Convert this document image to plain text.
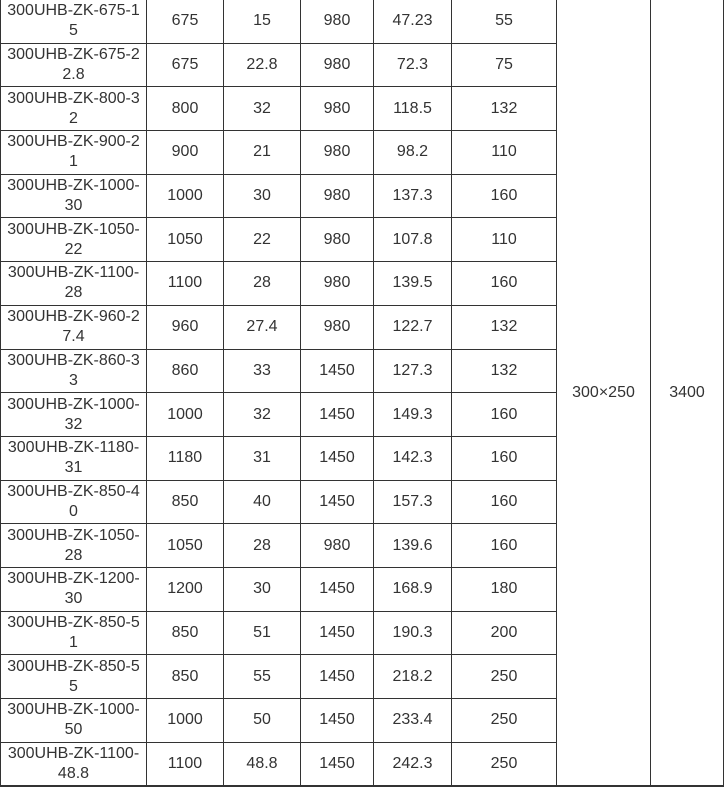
300UHB-ZK-675-15	675	15	980	47.23	55	300×250	3400
300UHB-ZK-675-22.8	675	22.8	980	72.3	75		
300UHB-ZK-800-32	800	32	980	118.5	132		
300UHB-ZK-900-21	900	21	980	98.2	110		
300UHB-ZK-1000-30	1000	30	980	137.3	160		
300UHB-ZK-1050-22	1050	22	980	107.8	110		
300UHB-ZK-1100-28	1100	28	980	139.5	160		
300UHB-ZK-960-27.4	960	27.4	980	122.7	132		
300UHB-ZK-860-33	860	33	1450	127.3	132		
300UHB-ZK-1000-32	1000	32	1450	149.3	160		
300UHB-ZK-1180-31	1180	31	1450	142.3	160		
300UHB-ZK-850-40	850	40	1450	157.3	160		
300UHB-ZK-1050-28	1050	28	980	139.6	160		
300UHB-ZK-1200-30	1200	30	1450	168.9	180		
300UHB-ZK-850-51	850	51	1450	190.3	200		
300UHB-ZK-850-55	850	55	1450	218.2	250		
300UHB-ZK-1000-50	1000	50	1450	233.4	250		
300UHB-ZK-1100-48.8	1100	48.8	1450	242.3	250		
